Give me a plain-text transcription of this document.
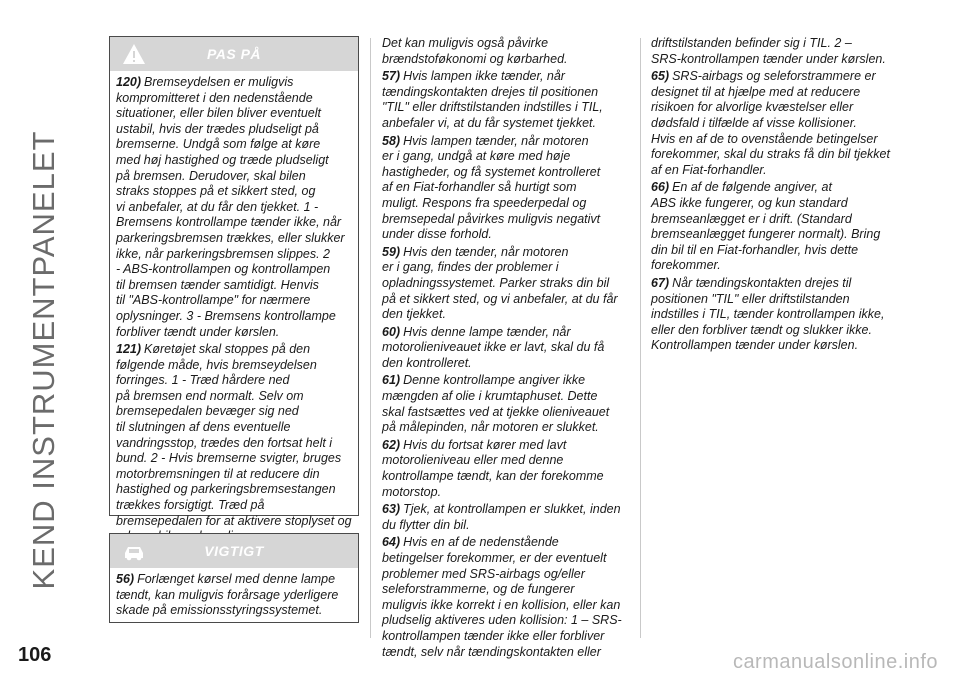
KEND INSTRUMENTPANELET
PAS PÅ

120) Bremseydelsen er muligvis
kompromitteret i den nedenstående
situationer, eller bilen bliver eventuelt
ustabil, hvis der trædes pludseligt på
bremserne. Undgå som følge at køre
med høj hastighed og træde pludseligt
på bremsen. Derudover, skal bilen
straks stoppes på et sikkert sted, og
vi anbefaler, at du får den tjekket. 1 -
Bremsens kontrollampe tænder ikke, når
parkeringsbremsen trækkes, eller slukker
ikke, når parkeringsbremsen slippes. 2
- ABS-kontrollampen og kontrollampen
til bremsen tænder samtidigt. Henvis
til "ABS-kontrollampe" for nærmere
oplysninger. 3 - Bremsens kontrollampe
forbliver tændt under kørslen.

121) Køretøjet skal stoppes på den
følgende måde, hvis bremseydelsen
forringes. 1 - Træd hårdere ned
på bremsen end normalt. Selv om
bremsepedalen bevæger sig ned
til slutningen af dens eventuelle
vandringsstop, trædes den fortsat helt i
bund. 2 - Hvis bremserne svigter, bruges
motorbremsningen til at reducere din
hastighed og parkeringsbremsestangen
trækkes forsigtigt. Træd på
bremsepedalen for at aktivere stoplyset og

VIGTIGT

56) Forlænget kørsel med denne lampe
tændt, kan muligvis forårsage yderligere
skade på emissionsstyringssystemet.

Det kan muligvis også påvirke
brændstoføkonomi og kørbarhed.

57) Hvis lampen ikke tænder, når
tændingskontakten drejes til positionen
"TIL" eller driftstilstanden indstilles i TIL,
anbefaler vi, at du får systemet tjekket.

58) Hvis lampen tænder, når motoren
er i gang, undgå at køre med høje
hastigheder, og få systemet kontrolleret
af en Fiat-forhandler så hurtigt som
muligt. Respons fra speederpedal og
bremsepedal påvirkes muligvis negativt
under disse forhold.

59) Hvis den tænder, når motoren
er i gang, findes der problemer i
opladningssystemet. Parker straks din bil
på et sikkert sted, og vi anbefaler, at du får
den tjekket.

60) Hvis denne lampe tænder, når
motorolieniveauet ikke er lavt, skal du få
den kontrolleret.

61) Denne kontrollampe angiver ikke
mængden af olie i krumtaphuset. Dette
skal fastsættes ved at tjekke olieniveauet
på målepinden, når motoren er slukket.

62) Hvis du fortsat kører med lavt
motorolieniveau eller med denne
kontrollampe tændt, kan der forekomme
motorstop.

63) Tjek, at kontrollampen er slukket, inden
du flytter din bil.

64) Hvis en af de nedenstående
betingelser forekommer, er der eventuelt
problemer med SRS-airbags og/eller
seleforstrammerne, og de fungerer
muligvis ikke korrekt i en kollision, eller kan
pludselig aktiveres uden kollision: 1 – SRS-
kontrollampen tænder ikke eller forbliver
tændt, selv når tændingskontakten eller

driftstilstanden befinder sig i TIL. 2 –
SRS-kontrollampen tænder under kørslen.

65) SRS-airbags og seleforstrammere er
designet til at hjælpe med at reducere
risikoen for alvorlige kvæstelser eller
dødsfald i tilfælde af visse kollisioner.
Hvis en af de to ovenstående betingelser
forekommer, skal du straks få din bil tjekket
af en Fiat-forhandler.

66) En af de følgende angiver, at
ABS ikke fungerer, og kun standard
bremseanlægget er i drift. (Standard
bremseanlægget fungerer normalt). Bring
din bil til en Fiat-forhandler, hvis dette
forekommer.

67) Når tændingskontakten drejes til
positionen "TIL" eller driftstilstanden
indstilles i TIL, tænder kontrollampen ikke,
eller den forbliver tændt og slukker ikke.
Kontrollampen tænder under kørslen.

106	carmanualsonline.info
